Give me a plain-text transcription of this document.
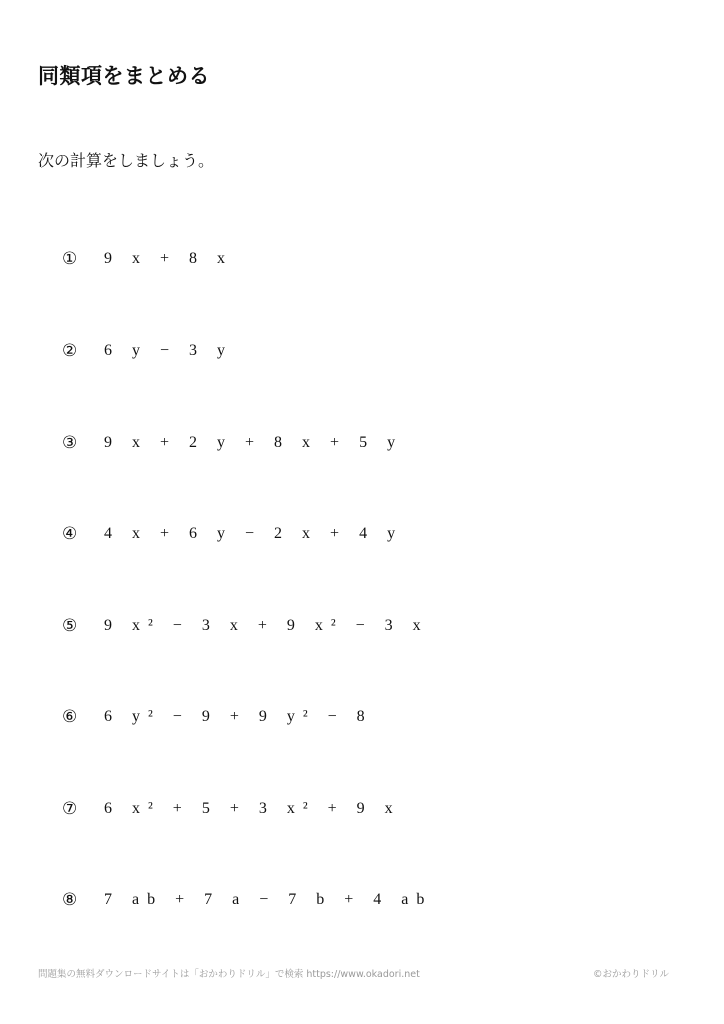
同類項をまとめる
次の計算をしましょう。
①	9 x + 8 x
②	6 y − 3 y
③	9 x + 2 y + 8 x + 5 y
④	4 x + 6 y − 2 x + 4 y
⑤	9 x² − 3 x + 9 x² − 3 x
⑥	6 y² − 9 + 9 y² − 8
⑦	6 x² + 5 + 3 x² + 9 x
⑧	7 ab + 7 a − 7 b + 4 ab
問題集の無料ダウンロードサイトは「おかわりドリル」で検索 https://www.okadori.net	©おかわりドリル
